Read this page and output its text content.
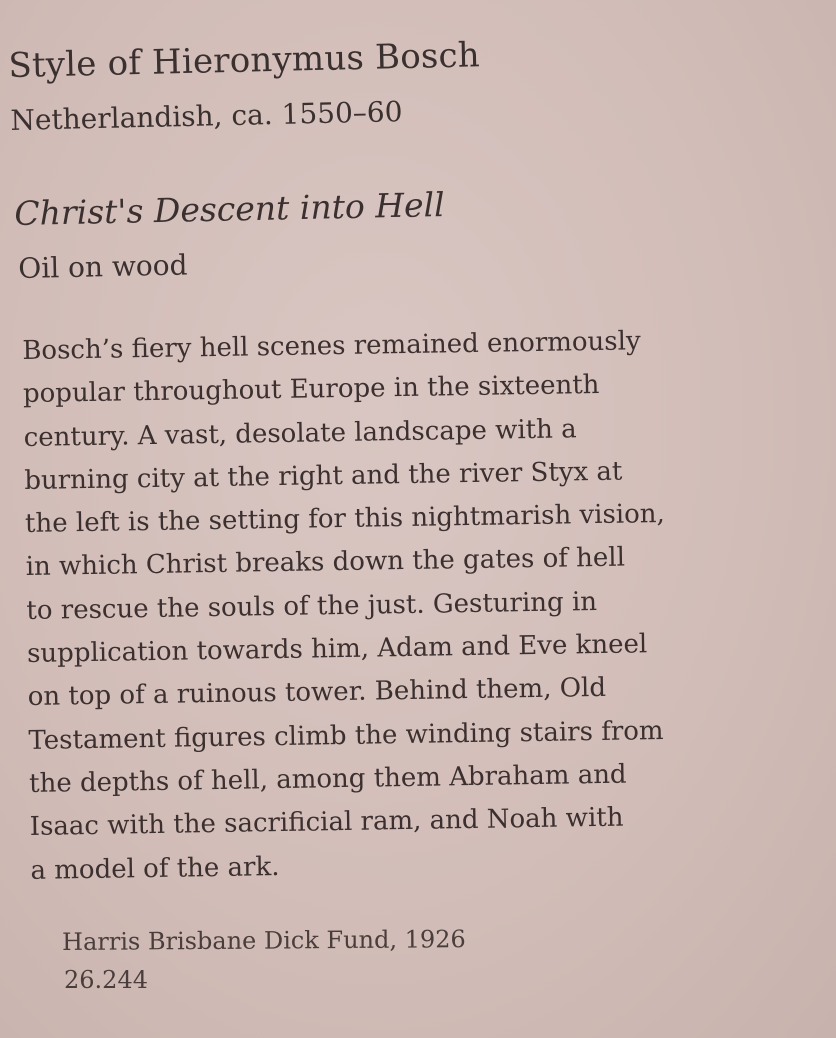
Style of Hieronymus Bosch
Netherlandish, ca. 1550–60
Christ's Descent into Hell
Oil on wood
Bosch’s fiery hell scenes remained enormously
popular throughout Europe in the sixteenth
century. A vast, desolate landscape with a
burning city at the right and the river Styx at
the left is the setting for this nightmarish vision,
in which Christ breaks down the gates of hell
to rescue the souls of the just. Gesturing in
supplication towards him, Adam and Eve kneel
on top of a ruinous tower. Behind them, Old
Testament figures climb the winding stairs from
the depths of hell, among them Abraham and
Isaac with the sacrificial ram, and Noah with
a model of the ark.
Harris Brisbane Dick Fund, 1926
26.244
